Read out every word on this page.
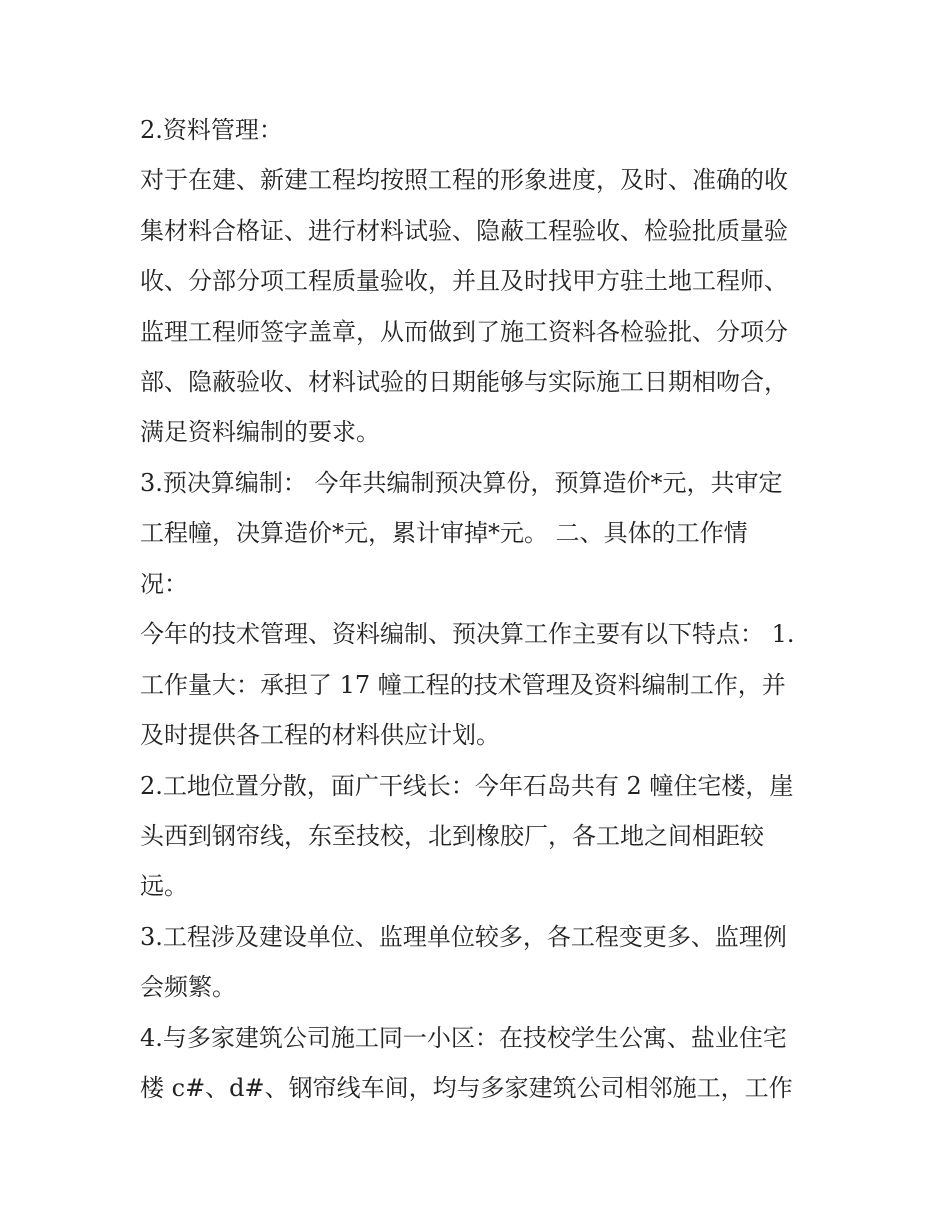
2.资料管理：

对于在建、新建工程均按照工程的形象进度，及时、准确的收

集材料合格证、进行材料试验、隐蔽工程验收、检验批质量验

收、分部分项工程质量验收，并且及时找甲方驻土地工程师、

监理工程师签字盖章，从而做到了施工资料各检验批、分项分

部、隐蔽验收、材料试验的日期能够与实际施工日期相吻合，

满足资料编制的要求。

3.预决算编制： 今年共编制预决算份，预算造价*元，共审定

工程幢，决算造价*元，累计审掉*元。 二、具体的工作情

况：

今年的技术管理、资料编制、预决算工作主要有以下特点： 1.

工作量大：承担了 17 幢工程的技术管理及资料编制工作，并

及时提供各工程的材料供应计划。

2.工地位置分散，面广干线长：今年石岛共有 2 幢住宅楼，崖

头西到钢帘线，东至技校，北到橡胶厂，各工地之间相距较

远。

3.工程涉及建设单位、监理单位较多，各工程变更多、监理例

会频繁。

4.与多家建筑公司施工同一小区：在技校学生公寓、盐业住宅

楼 c#、d#、钢帘线车间，均与多家建筑公司相邻施工，工作
